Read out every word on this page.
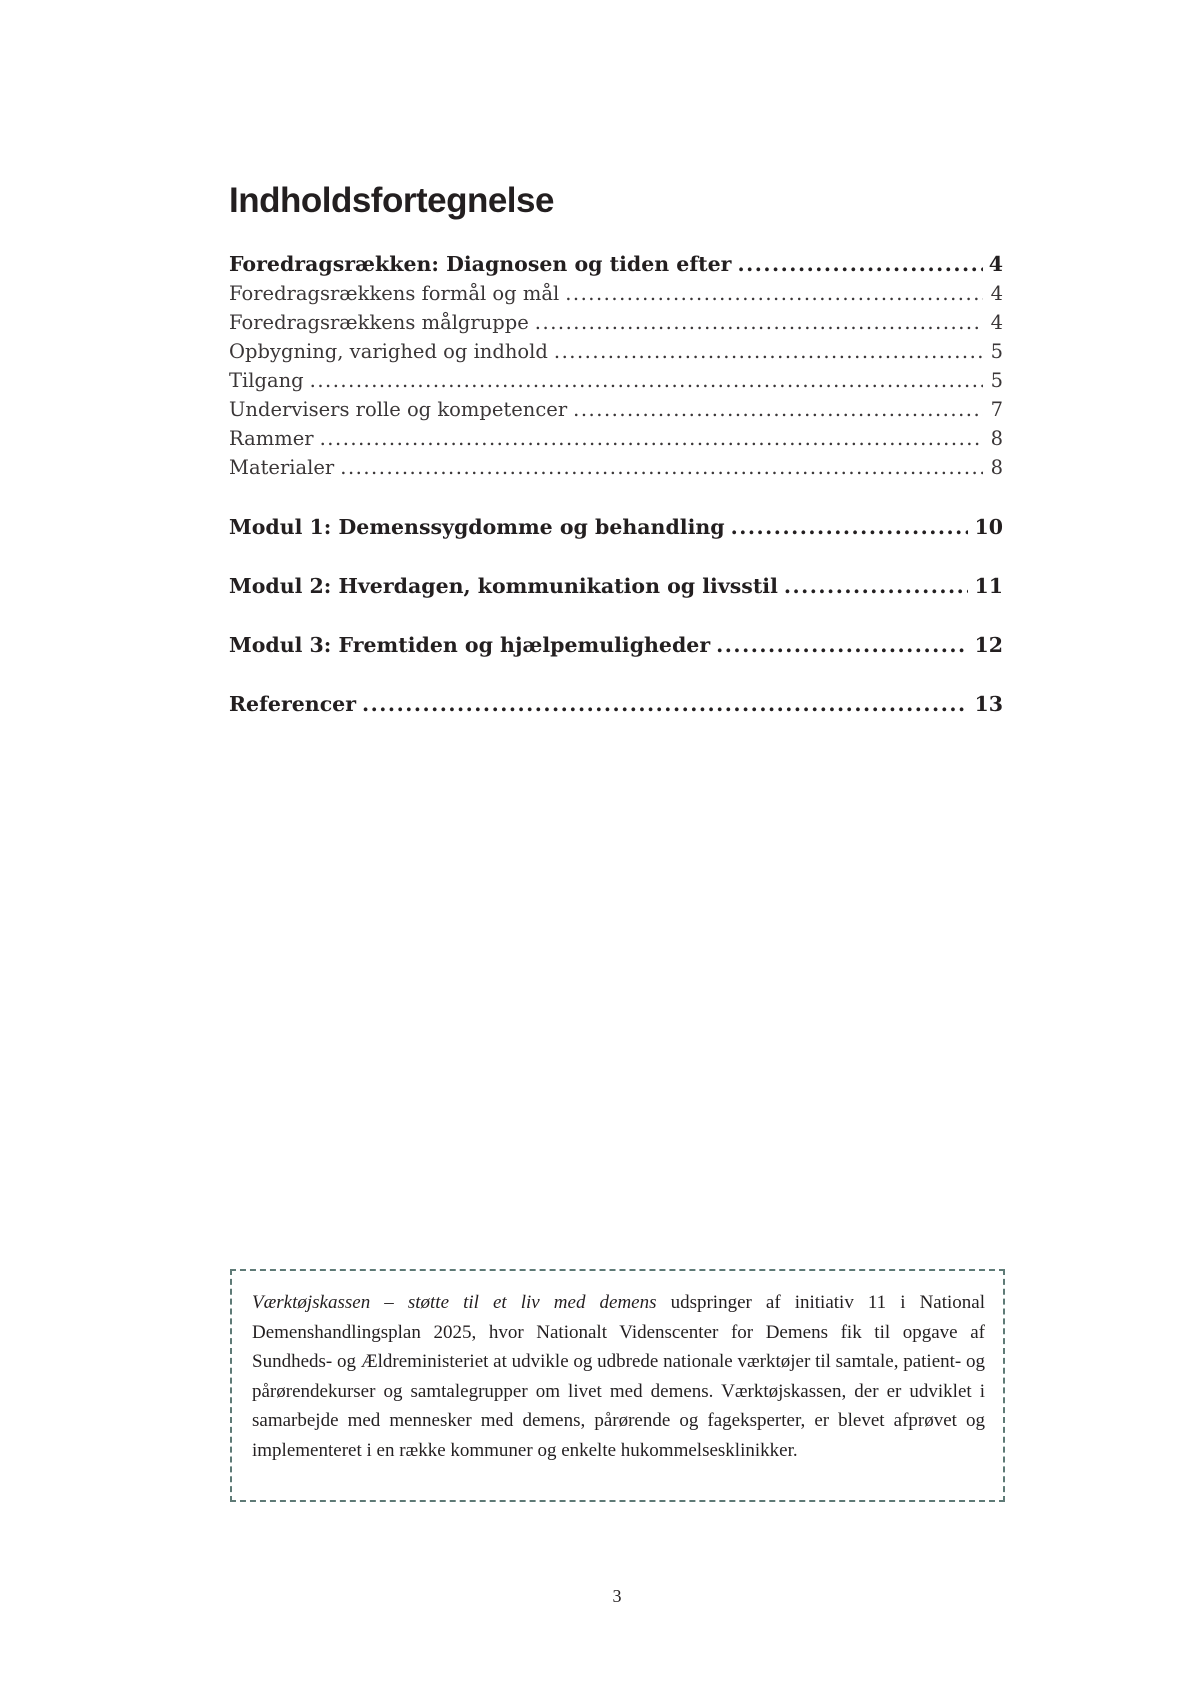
Indholdsfortegnelse
Foredragsrækken: Diagnosen og tiden efter .....	4
Foredragsrækkens formål og mål .....	4
Foredragsrækkens målgruppe .....	4
Opbygning, varighed og indhold .....	5
Tilgang .....	5
Undervisers rolle og kompetencer .....	7
Rammer .....	8
Materialer .....	8
Modul 1: Demenssygdomme og behandling .....	10
Modul 2: Hverdagen, kommunikation og livsstil .....	11
Modul 3: Fremtiden og hjælpemuligheder .....	12
Referencer .....	13
Værktøjskassen – støtte til et liv med demens udspringer af initiativ 11 i National Demenshandlingsplan 2025, hvor Nationalt Videnscenter for Demens fik til opgave af Sundheds- og Ældreministeriet at udvikle og udbrede nationale værktøjer til samtale, patient- og pårørendekurser og samtalegrupper om livet med demens. Værktøjskassen, der er udviklet i samarbejde med mennesker med demens, pårørende og fageksperter, er blevet afprøvet og implementeret i en række kommuner og enkelte hukommelsesklinikker.
3
